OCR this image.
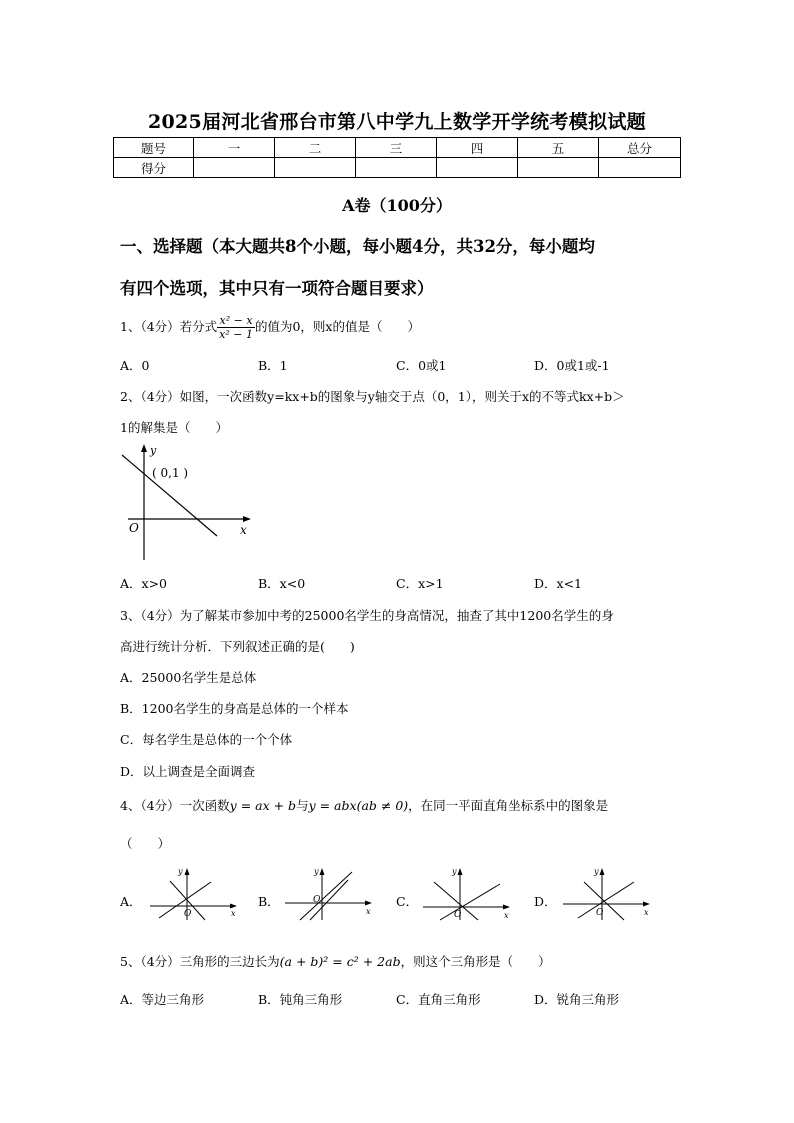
2025届河北省邢台市第八中学九上数学开学统考模拟试题
题号	一	二	三	四	五	总分
得分						
A卷（100分）
一、选择题（本大题共8个小题，每小题4分，共32分，每小题均
有四个选项，其中只有一项符合题目要求）
1、（4分）若分式 $\frac{\text{x² − x}}{\text{x² − 1}}$ 的值为0，则x的值是（　　）
A．0	B．1	C．0或1	D．0或1或-1
2、（4分）如图，一次函数y=kx+b的图象与y轴交于点（0，1），则关于x的不等式kx+b＞
1的解集是（　　）
y
x
O
( 0,1 )
A．x>0	B．x<0	C．x>1	D．x<1
3、（4分）为了解某市参加中考的25000名学生的身高情况，抽查了其中1200名学生的身
高进行统计分析．下列叙述正确的是(　　)
A．25000名学生是总体
B．1200名学生的身高是总体的一个样本
C．每名学生是总体的一个个体
D．以上调查是全面调查
4、（4分）一次函数y = ax + b与y = abx(ab ≠ 0)，在同一平面直角坐标系中的图象是
（　　）
A．
y
x
O
B．
y
x
O	C．
y
x
O
D．
y
x
O
5、（4分）三角形的三边长为(a + b)² = c² + 2ab，则这个三角形是（　　）
A．等边三角形	B．钝角三角形	C．直角三角形	D．锐角三角形
